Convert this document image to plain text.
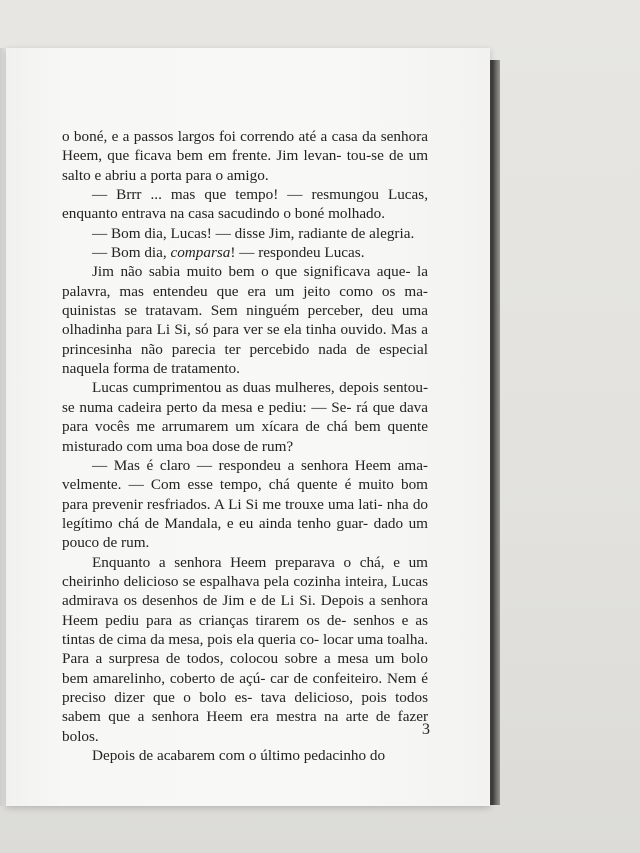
o boné, e a passos largos foi correndo até a casa da senhora Heem, que ficava bem em frente. Jim levan- tou-se de um salto e abriu a porta para o amigo.

— Brrr ... mas que tempo! — resmungou Lucas, enquanto entrava na casa sacudindo o boné molhado.

— Bom dia, Lucas! — disse Jim, radiante de alegria.

— Bom dia, comparsa! — respondeu Lucas.

Jim não sabia muito bem o que significava aque- la palavra, mas entendeu que era um jeito como os ma- quinistas se tratavam. Sem ninguém perceber, deu uma olhadinha para Li Si, só para ver se ela tinha ouvido. Mas a princesinha não parecia ter percebido nada de especial naquela forma de tratamento.

Lucas cumprimentou as duas mulheres, depois sentou-se numa cadeira perto da mesa e pediu: — Se- rá que dava para vocês me arrumarem um xícara de chá bem quente misturado com uma boa dose de rum?

— Mas é claro — respondeu a senhora Heem ama- velmente. — Com esse tempo, chá quente é muito bom para prevenir resfriados. A Li Si me trouxe uma lati- nha do legítimo chá de Mandala, e eu ainda tenho guar- dado um pouco de rum.

Enquanto a senhora Heem preparava o chá, e um cheirinho delicioso se espalhava pela cozinha inteira, Lucas admirava os desenhos de Jim e de Li Si. Depois a senhora Heem pediu para as crianças tirarem os de- senhos e as tintas de cima da mesa, pois ela queria co- locar uma toalha. Para a surpresa de todos, colocou sobre a mesa um bolo bem amarelinho, coberto de açú- car de confeiteiro. Nem é preciso dizer que o bolo es- tava delicioso, pois todos sabem que a senhora Heem era mestra na arte de fazer bolos.

Depois de acabarem com o último pedacinho do

3
